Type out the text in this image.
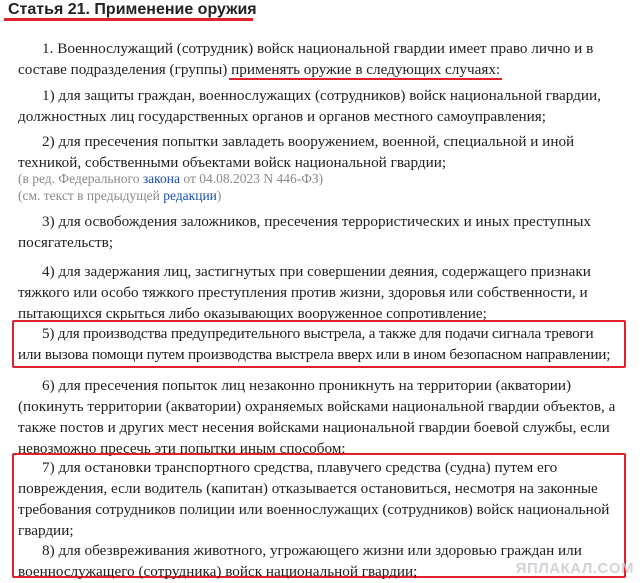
Статья 21. Применение оружия
1. Военнослужащий (сотрудник) войск национальной гвардии имеет право лично и в
составе подразделения (группы) применять оружие в следующих случаях:
1) для защиты граждан, военнослужащих (сотрудников) войск национальной гвардии,
должностных лиц государственных органов и органов местного самоуправления;
2) для пресечения попытки завладеть вооружением, военной, специальной и иной
техникой, собственными объектами войск национальной гвардии;
(в ред. Федерального закона от 04.08.2023 N 446-ФЗ)
(см. текст в предыдущей редакции)
3) для освобождения заложников, пресечения террористических и иных преступных
посягательств;
4) для задержания лиц, застигнутых при совершении деяния, содержащего признаки
тяжкого или особо тяжкого преступления против жизни, здоровья или собственности, и
пытающихся скрыться либо оказывающих вооруженное сопротивление;
5) для производства предупредительного выстрела, а также для подачи сигнала тревоги
или вызова помощи путем производства выстрела вверх или в ином безопасном направлении;
6) для пресечения попыток лиц незаконно проникнуть на территории (акватории)
(покинуть территории (акватории) охраняемых войсками национальной гвардии объектов, а
также постов и других мест несения войсками национальной гвардии боевой службы, если
невозможно пресечь эти попытки иным способом;
7) для остановки транспортного средства, плавучего средства (судна) путем его
повреждения, если водитель (капитан) отказывается остановиться, несмотря на законные
требования сотрудников полиции или военнослужащих (сотрудников) войск национальной
гвардии;
8) для обезвреживания животного, угрожающего жизни или здоровью граждан или
военнослужащего (сотрудника) войск национальной гвардии;	ЯПЛАКАЛ.COM
